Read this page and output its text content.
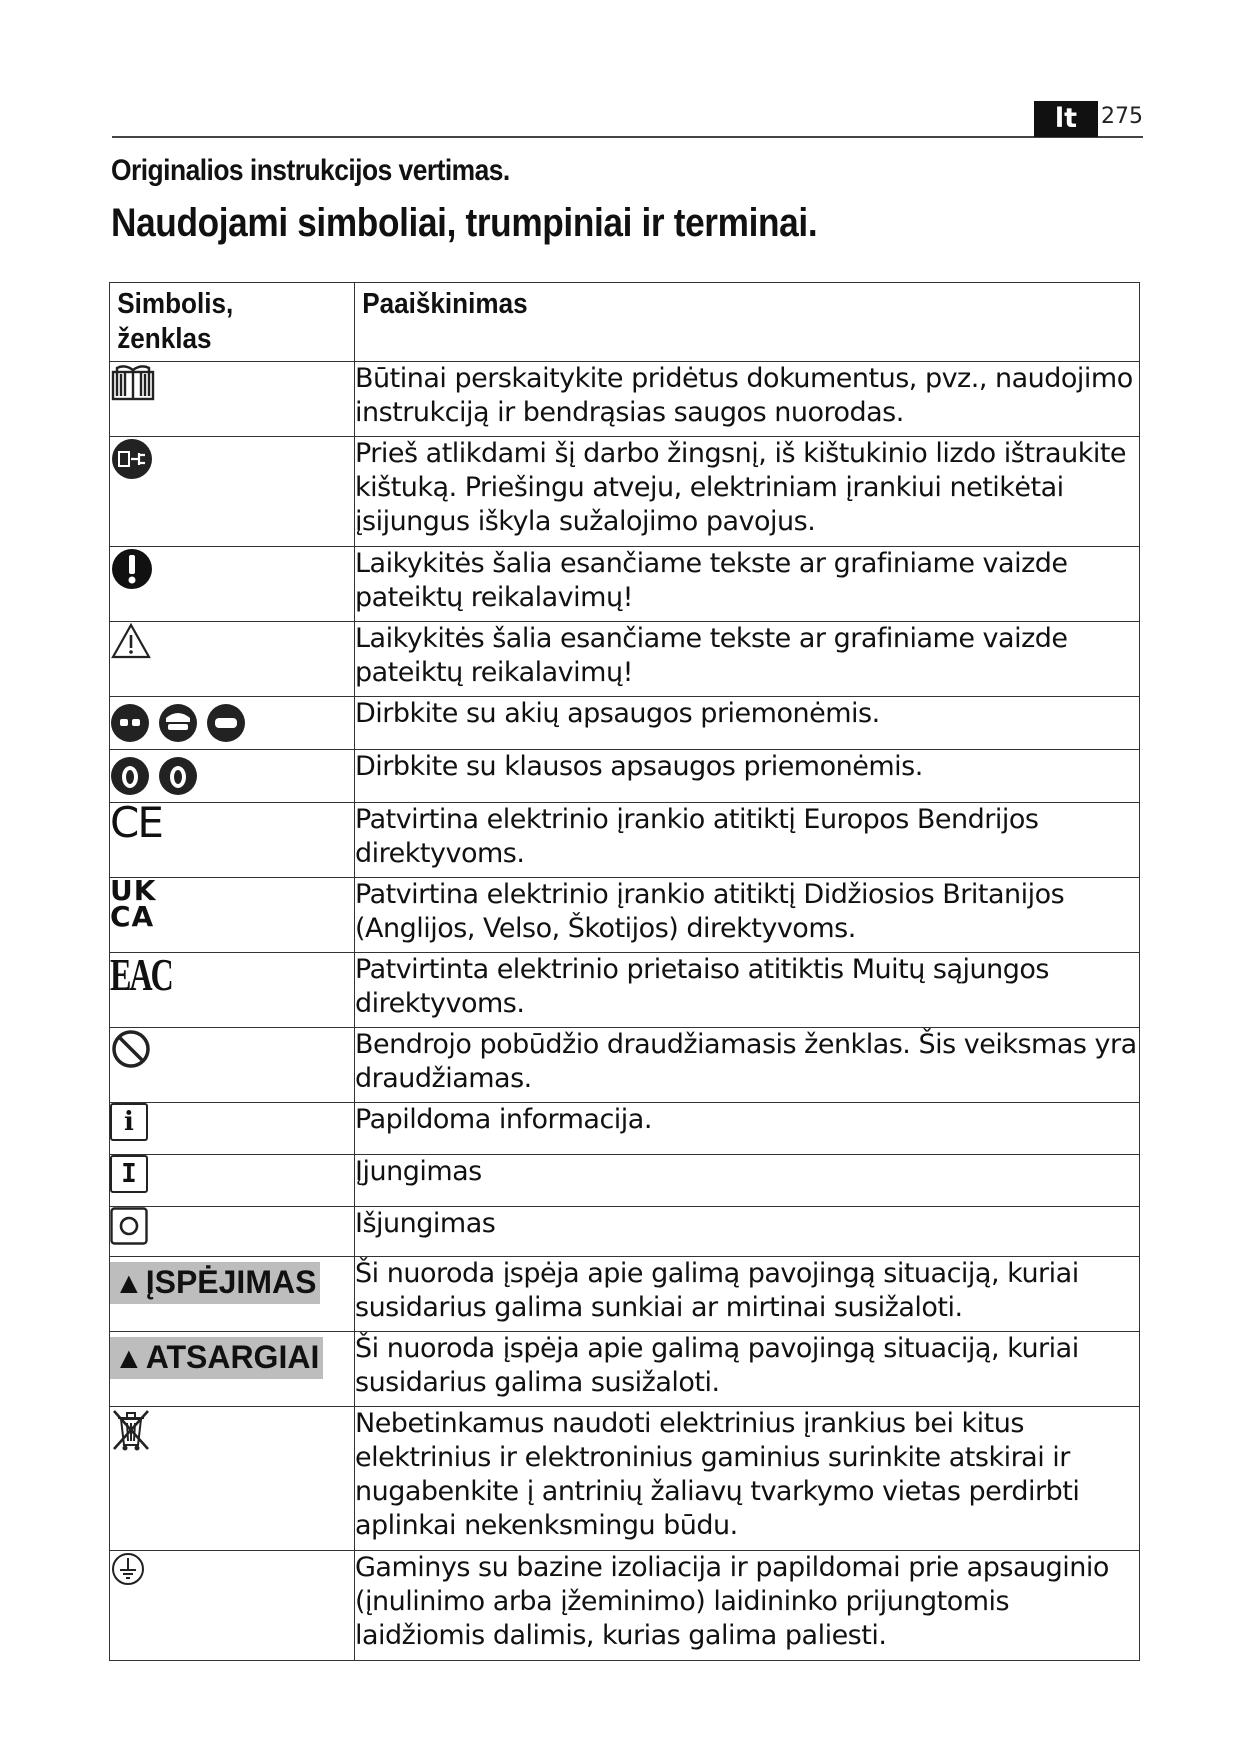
lt	275
Originalios instrukcijos vertimas.
Naudojami simboliai, trumpiniai ir terminai.
Simbolis, ženklas	Paaiškinimas

	Būtinai perskaitykite pridėtus dokumentus, pvz., naudojimo instrukciją ir bendrąsias saugos nuorodas.
	Prieš atlikdami šį darbo žingsnį, iš kištukinio lizdo ištraukite kištuką. Priešingu atveju, elektriniam įrankiui netikėtai įsijungus iškyla sužalojimo pavojus.
	Laikykitės šalia esančiame tekste ar grafiniame vaizde pateiktų reikalavimų!
	Laikykitės šalia esančiame tekste ar grafiniame vaizde pateiktų reikalavimų!
	Dirbkite su akių apsaugos priemonėmis.
	Dirbkite su klausos apsaugos priemonėmis.
CE	Patvirtina elektrinio įrankio atitiktį Europos Bendrijos direktyvoms.

UK
CA	Patvirtina elektrinio įrankio atitiktį Didžiosios Britanijos (Anglijos, Velso, Škotijos) direktyvoms.
EAC	Patvirtinta elektrinio prietaiso atitiktis Muitų sąjungos direktyvoms.
	Bendrojo pobūdžio draudžiamasis ženklas. Šis veiksmas yra draudžiamas.
i	Papildoma informacija.
I	Įjungimas
	Išjungimas
▲ĮSPĖJIMAS	Ši nuoroda įspėja apie galimą pavojingą situaciją, kuriai susidarius galima sunkiai ar mirtinai susižaloti.
▲ATSARGIAI	Ši nuoroda įspėja apie galimą pavojingą situaciją, kuriai susidarius galima susižaloti.
	Nebetinkamus naudoti elektrinius įrankius bei kitus elektrinius ir elektroninius gaminius surinkite atskirai ir nugabenkite į antrinių žaliavų tvarkymo vietas perdirbti aplinkai nekenksmingu būdu.
	Gaminys su bazine izoliacija ir papildomai prie apsauginio (įnulinimo arba įžeminimo) laidininko prijungtomis laidžiomis dalimis, kurias galima paliesti.
